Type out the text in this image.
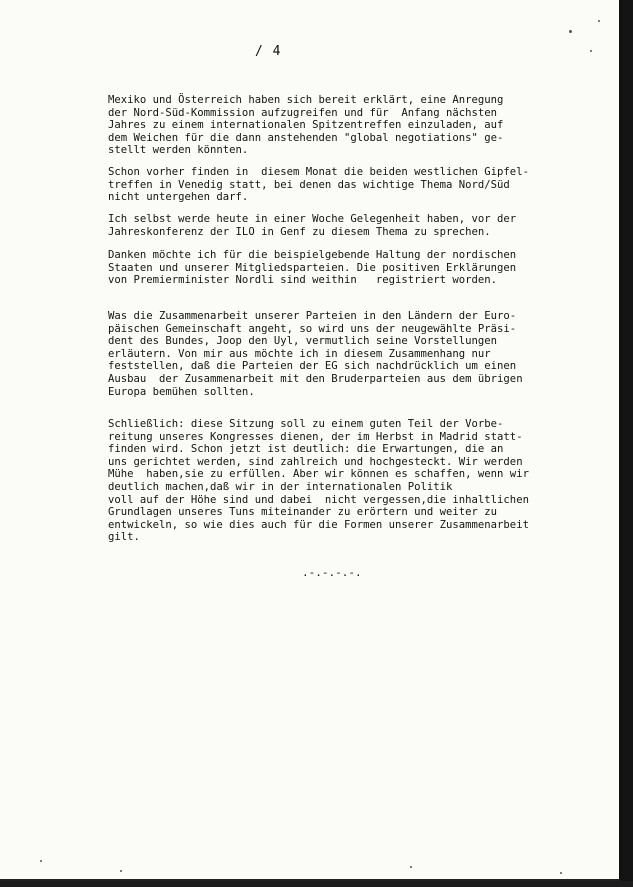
/ 4

Mexiko und Österreich haben sich bereit erklärt, eine Anregung
der Nord-Süd-Kommission aufzugreifen und für  Anfang nächsten
Jahres zu einem internationalen Spitzentreffen einzuladen, auf
dem Weichen für die dann anstehenden "global negotiations" ge-
stellt werden könnten.

Schon vorher finden in  diesem Monat die beiden westlichen Gipfel-
treffen in Venedig statt, bei denen das wichtige Thema Nord/Süd
nicht untergehen darf.

Ich selbst werde heute in einer Woche Gelegenheit haben, vor der
Jahreskonferenz der ILO in Genf zu diesem Thema zu sprechen.

Danken möchte ich für die beispielgebende Haltung der nordischen
Staaten und unserer Mitgliedsparteien. Die positiven Erklärungen
von Premierminister Nordli sind weithin   registriert worden.

Was die Zusammenarbeit unserer Parteien in den Ländern der Euro-
päischen Gemeinschaft angeht, so wird uns der neugewählte Präsi-
dent des Bundes, Joop den Uyl, vermutlich seine Vorstellungen
erläutern. Von mir aus möchte ich in diesem Zusammenhang nur
feststellen, daß die Parteien der EG sich nachdrücklich um einen
Ausbau  der Zusammenarbeit mit den Bruderparteien aus dem übrigen
Europa bemühen sollten.

Schließlich: diese Sitzung soll zu einem guten Teil der Vorbe-
reitung unseres Kongresses dienen, der im Herbst in Madrid statt-
finden wird. Schon jetzt ist deutlich: die Erwartungen, die an
uns gerichtet werden, sind zahlreich und hochgesteckt. Wir werden
Mühe  haben,sie zu erfüllen. Aber wir können es schaffen, wenn wir
deutlich machen,daß wir in der internationalen Politik
voll auf der Höhe sind und dabei  nicht vergessen,die inhaltlichen
Grundlagen unseres Tuns miteinander zu erörtern und weiter zu
entwickeln, so wie dies auch für die Formen unserer Zusammenarbeit
gilt.

.-.-.-.-.
